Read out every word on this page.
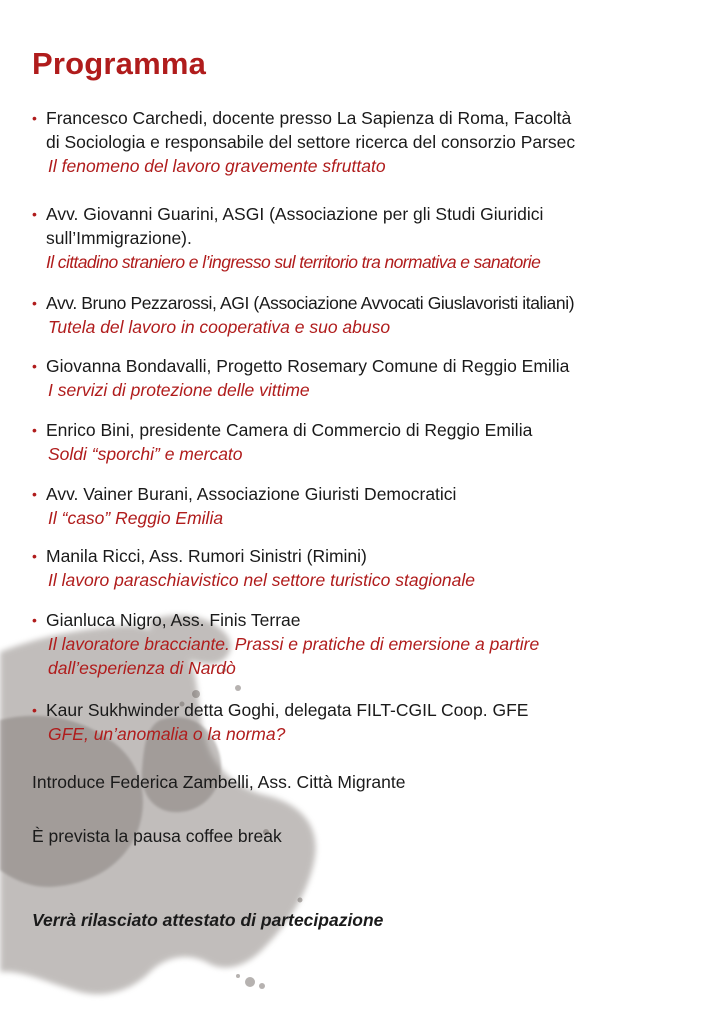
Programma
• Francesco Carchedi, docente presso La Sapienza di Roma, Facoltà
di Sociologia e responsabile del settore ricerca del consorzio Parsec
Il fenomeno del lavoro gravemente sfruttato
• Avv. Giovanni Guarini, ASGI (Associazione per gli Studi Giuridici
sull’Immigrazione).
Il cittadino straniero e l’ingresso sul territorio tra normativa e sanatorie
• Avv. Bruno Pezzarossi, AGI (Associazione Avvocati Giuslavoristi italiani)
Tutela del lavoro in cooperativa e suo abuso
• Giovanna Bondavalli, Progetto Rosemary Comune di Reggio Emilia
I servizi di protezione delle vittime
• Enrico Bini, presidente Camera di Commercio di Reggio Emilia
Soldi “sporchi” e mercato
• Avv. Vainer Burani, Associazione Giuristi Democratici
Il “caso” Reggio Emilia
• Manila Ricci, Ass. Rumori Sinistri (Rimini)
Il lavoro paraschiavistico nel settore turistico stagionale
• Gianluca Nigro, Ass. Finis Terrae
Il lavoratore bracciante. Prassi e pratiche di emersione a partire
dall’esperienza di Nardò
• Kaur Sukhwinder detta Goghi, delegata FILT-CGIL Coop. GFE
GFE, un’anomalia o la norma?

Introduce Federica Zambelli, Ass. Città Migrante

È prevista la pausa coffee break

Verrà rilasciato attestato di partecipazione
